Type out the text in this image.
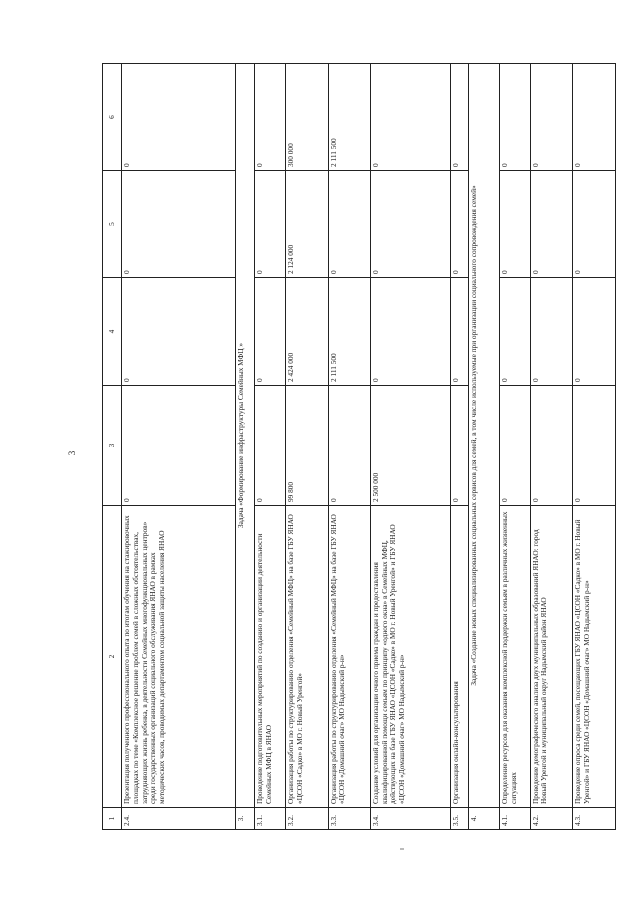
3
1	2	3	4	5	6
2.4.	Презентация полученного профессионального опыта по итогам обучения на стажировочных площадках по теме «Комплексное решение проблем семей в сложных обстоятельствах, затрудняющих жизнь ребенка, в деятельности Семейных многофункциональных центров» среди государственных организаций социального обслуживания ЯНАО в рамках методических часов, проводимых департаментом социальной защиты населения ЯНАО	0	0	0	0
3.	Задача «Формирование инфраструктуры Семейных МФЦ »				
3.1.	Проведение подготовительных мероприятий по созданию и организации деятельности Семейных МФЦ в ЯНАО	0	0	0	0
3.2.	Организация работы по структурированию отделения «Семейный МФЦ» на базе ГБУ ЯНАО «ЦСОН «Садко» в МО г. Новый Уренгой»	99 800	2 424 000	2 124 000	300 000
3.3.	Организация работы по структурированию отделения «Семейный МФЦ» на базе ГБУ ЯНАО «ЦСОН «Домашний очаг» МО Надымский р-н»	0	2 111 500	0	2 111 500
3.4.	Создание условий для организации очного приема граждан и предоставления квалифицированной помощи семьям по принципу «одного окна» в Семейных МФЦ, действующих на базе ГБУ ЯНАО «ЦСОН «Садко» в МО г. Новый Уренгой» и ГБУ ЯНАО «ЦСОН «Домашний очаг» МО Надымский р-н»	2 500 000	0	0	0
3.5.	Организация онлайн-консультирования	0	0	0	0
4.	Задача «Создание новых специализированных социальных сервисов для семей, в том числе используемые при организации социального сопровождения семей»				
4.1.	Определение ресурсов для оказания комплексной поддержки семьям в различных жизненных ситуациях	0	0	0	0
4.2.	Проведение демографического анализа двух муниципальных образований ЯНАО: город Новый Уренгой и муниципальный округ Надымский район ЯНАО	0	0	0	0
4.3.	Проведение опроса среди семей, посещающих ГБУ ЯНАО «ЦСОН «Садко» в МО г. Новый Уренгой» и ГБУ ЯНАО «ЦСОН «Домашний очаг» МО Надымский р-н»	0	0	0	0
